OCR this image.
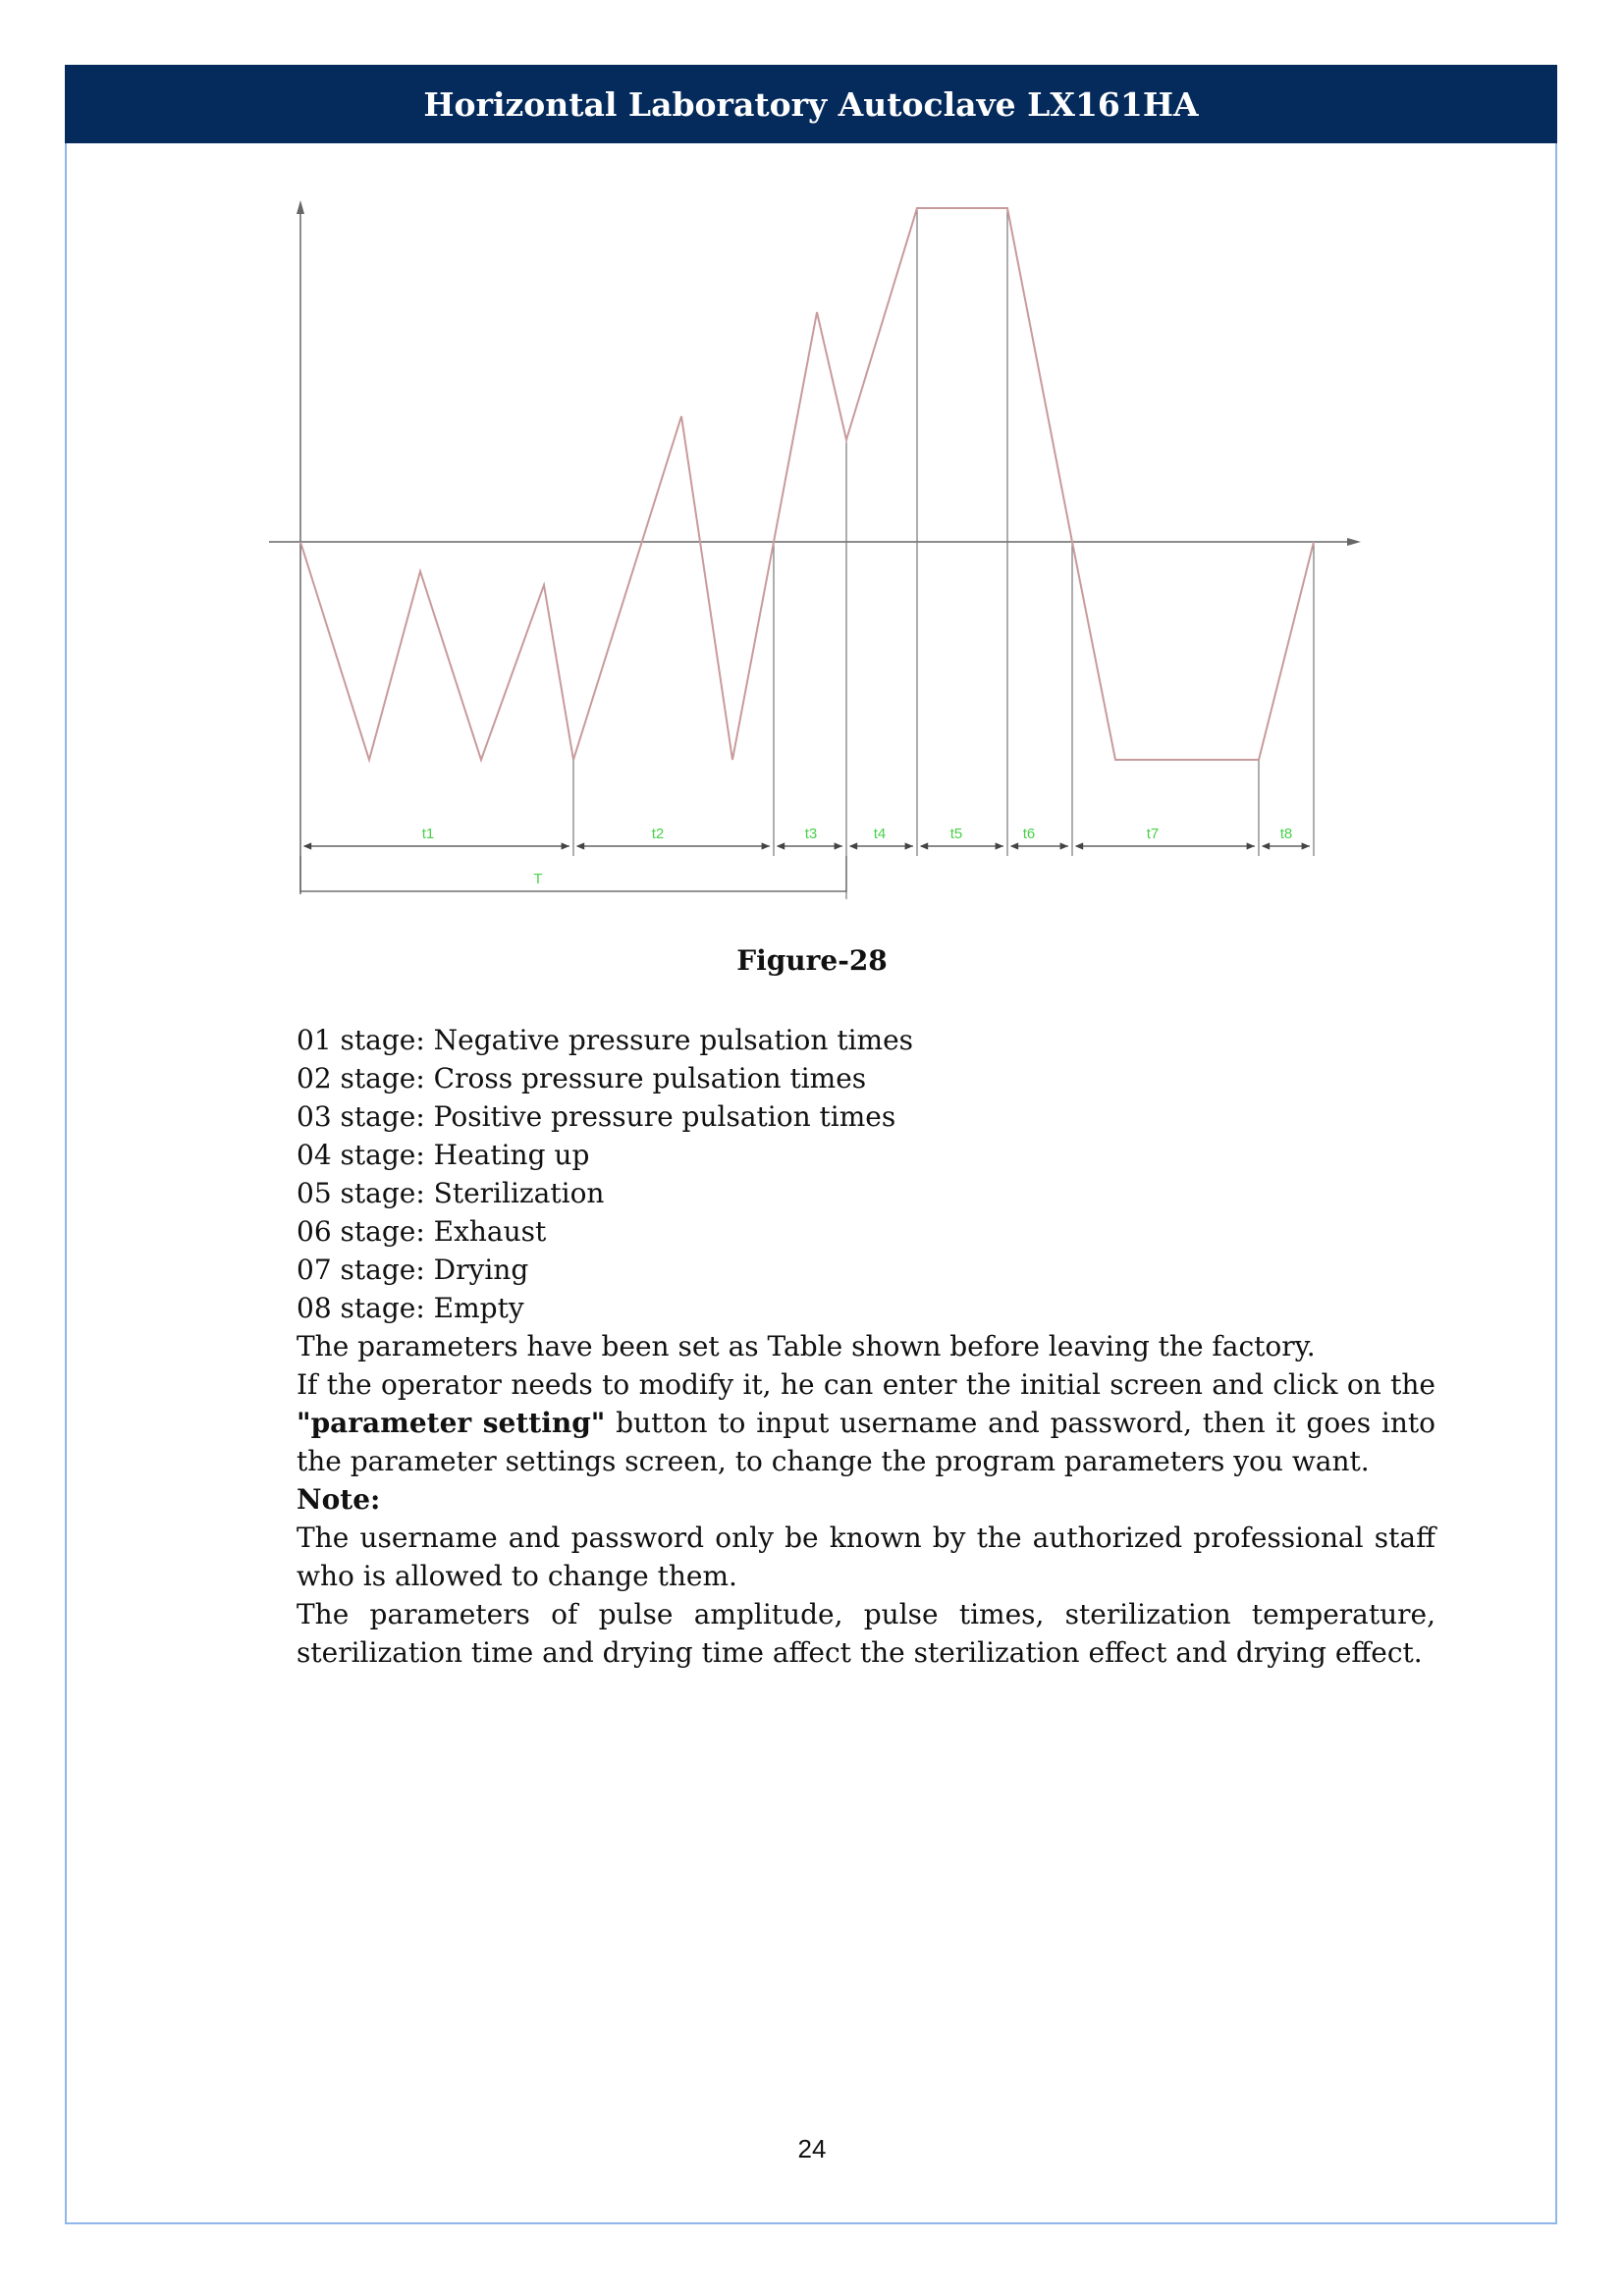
Horizontal Laboratory Autoclave LX161HA
t1	t2	t3	t4	t5	t6	t7	t8
T
Figure-28

01 stage: Negative pressure pulsation times

02 stage: Cross pressure pulsation times

03 stage: Positive pressure pulsation times

04 stage: Heating up

05 stage: Sterilization

06 stage: Exhaust

07 stage: Drying

08 stage: Empty

The parameters have been set as Table shown before leaving the factory.

If the operator needs to modify it, he can enter the initial screen and click on the

"parameter setting" button to input username and password, then it goes into the parameter settings screen, to change the program parameters you want.

Note:

The username and password only be known by the authorized professional staff who is allowed to change them.

The parameters of pulse amplitude, pulse times, sterilization temperature, sterilization time and drying time affect the sterilization effect and drying effect.

24
